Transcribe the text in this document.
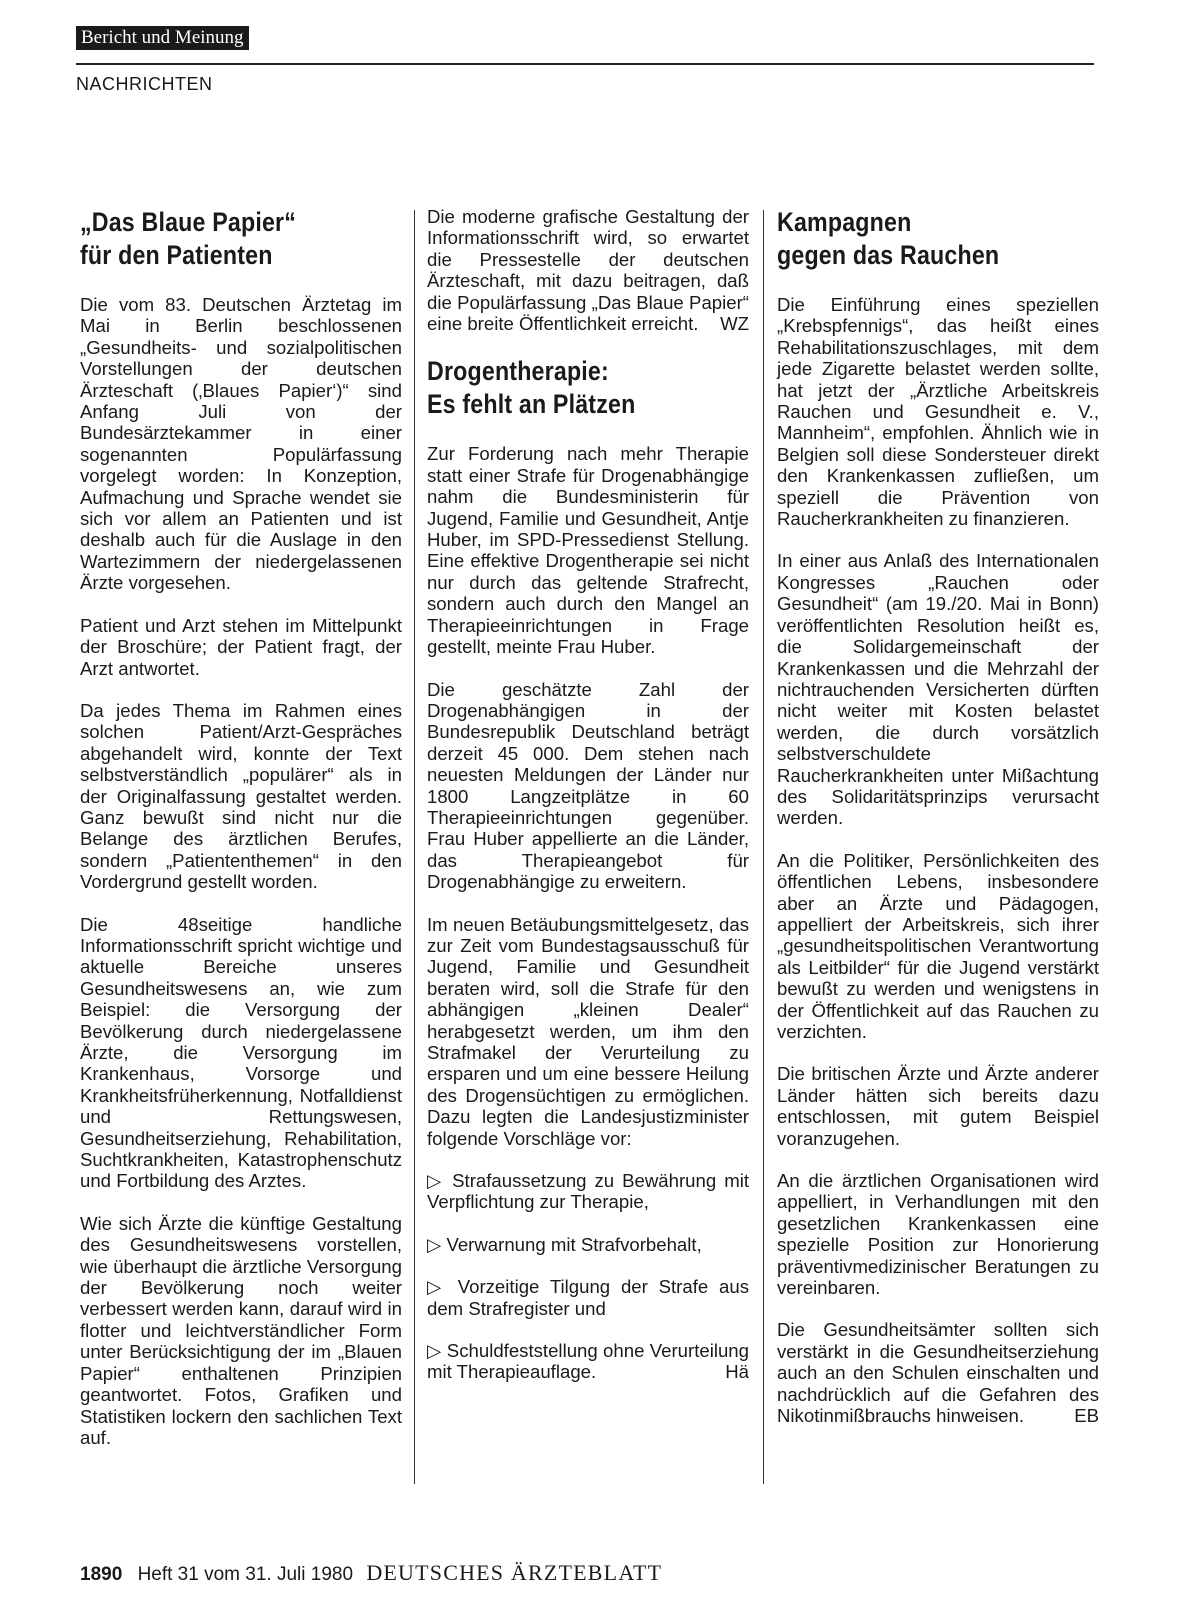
Bericht und Meinung
NACHRICHTEN
„Das Blaue Papier“
für den Patienten

Die vom 83. Deutschen Ärztetag im Mai in Berlin beschlossenen „Gesundheits- und sozialpolitischen Vorstellungen der deutschen Ärzteschaft (‚Blaues Papier‘)“ sind Anfang Juli von der Bundesärztekammer in einer sogenannten Populärfassung vorgelegt worden: In Konzeption, Aufmachung und Sprache wendet sie sich vor allem an Patienten und ist deshalb auch für die Auslage in den Wartezimmern der niedergelassenen Ärzte vorgesehen.

Patient und Arzt stehen im Mittelpunkt der Broschüre; der Patient fragt, der Arzt antwortet.

Da jedes Thema im Rahmen eines solchen Patient/Arzt-Gespräches abgehandelt wird, konnte der Text selbstverständlich „populärer“ als in der Originalfassung gestaltet werden. Ganz bewußt sind nicht nur die Belange des ärztlichen Berufes, sondern „Patiententhemen“ in den Vordergrund gestellt worden.

Die 48seitige handliche Informationsschrift spricht wichtige und aktuelle Bereiche unseres Gesundheitswesens an, wie zum Beispiel: die Versorgung der Bevölkerung durch niedergelassene Ärzte, die Versorgung im Krankenhaus, Vorsorge und Krankheitsfrüherkennung, Notfalldienst und Rettungswesen, Gesundheitserziehung, Rehabilitation, Suchtkrankheiten, Katastrophenschutz und Fortbildung des Arztes.

Wie sich Ärzte die künftige Gestaltung des Gesundheitswesens vorstellen, wie überhaupt die ärztliche Versorgung der Bevölkerung noch weiter verbessert werden kann, darauf wird in flotter und leichtverständlicher Form unter Berücksichtigung der im „Blauen Papier“ enthaltenen Prinzipien geantwortet. Fotos, Grafiken und Statistiken lockern den sachlichen Text auf.

Die moderne grafische Gestaltung der Informationsschrift wird, so erwartet die Pressestelle der deutschen Ärzteschaft, mit dazu beitragen, daß die Populärfassung „Das Blaue Papier“ eine breite Öffentlichkeit erreicht. WZ

Drogentherapie:
Es fehlt an Plätzen

Zur Forderung nach mehr Therapie statt einer Strafe für Drogenabhängige nahm die Bundesministerin für Jugend, Familie und Gesundheit, Antje Huber, im SPD-Pressedienst Stellung. Eine effektive Drogentherapie sei nicht nur durch das geltende Strafrecht, sondern auch durch den Mangel an Therapieeinrichtungen in Frage gestellt, meinte Frau Huber.

Die geschätzte Zahl der Drogenabhängigen in der Bundesrepublik Deutschland beträgt derzeit 45 000. Dem stehen nach neuesten Meldungen der Länder nur 1800 Langzeitplätze in 60 Therapieeinrichtungen gegenüber. Frau Huber appellierte an die Länder, das Therapieangebot für Drogenabhängige zu erweitern.

Im neuen Betäubungsmittelgesetz, das zur Zeit vom Bundestagsausschuß für Jugend, Familie und Gesundheit beraten wird, soll die Strafe für den abhängigen „kleinen Dealer“ herabgesetzt werden, um ihm den Strafmakel der Verurteilung zu ersparen und um eine bessere Heilung des Drogensüchtigen zu ermöglichen. Dazu legten die Landesjustizminister folgende Vorschläge vor:

▷ Strafaussetzung zu Bewährung mit Verpflichtung zur Therapie,

▷ Verwarnung mit Strafvorbehalt,

▷ Vorzeitige Tilgung der Strafe aus dem Strafregister und

▷ Schuldfeststellung ohne Verurteilung mit Therapieauflage.	Hä

Kampagnen
gegen das Rauchen

Die Einführung eines speziellen „Krebspfennigs“, das heißt eines Rehabilitationszuschlages, mit dem jede Zigarette belastet werden sollte, hat jetzt der „Ärztliche Arbeitskreis Rauchen und Gesundheit e. V., Mannheim“, empfohlen. Ähnlich wie in Belgien soll diese Sondersteuer direkt den Krankenkassen zufließen, um speziell die Prävention von Raucherkrankheiten zu finanzieren.

In einer aus Anlaß des Internationalen Kongresses „Rauchen oder Gesundheit“ (am 19./20. Mai in Bonn) veröffentlichten Resolution heißt es, die Solidargemeinschaft der Krankenkassen und die Mehrzahl der nichtrauchenden Versicherten dürften nicht weiter mit Kosten belastet werden, die durch vorsätzlich selbstverschuldete Raucherkrankheiten unter Mißachtung des Solidaritätsprinzips verursacht werden.

An die Politiker, Persönlichkeiten des öffentlichen Lebens, insbesondere aber an Ärzte und Pädagogen, appelliert der Arbeitskreis, sich ihrer „gesundheitspolitischen Verantwortung als Leitbilder“ für die Jugend verstärkt bewußt zu werden und wenigstens in der Öffentlichkeit auf das Rauchen zu verzichten.

Die britischen Ärzte und Ärzte anderer Länder hätten sich bereits dazu entschlossen, mit gutem Beispiel voranzugehen.

An die ärztlichen Organisationen wird appelliert, in Verhandlungen mit den gesetzlichen Krankenkassen eine spezielle Position zur Honorierung präventivmedizinischer Beratungen zu vereinbaren.

Die Gesundheitsämter sollten sich verstärkt in die Gesundheitserziehung auch an den Schulen einschalten und nachdrücklich auf die Gefahren des Nikotinmißbrauchs hinweisen.	EB

1890 Heft 31 vom 31. Juli 1980 DEUTSCHES ÄRZTEBLATT
